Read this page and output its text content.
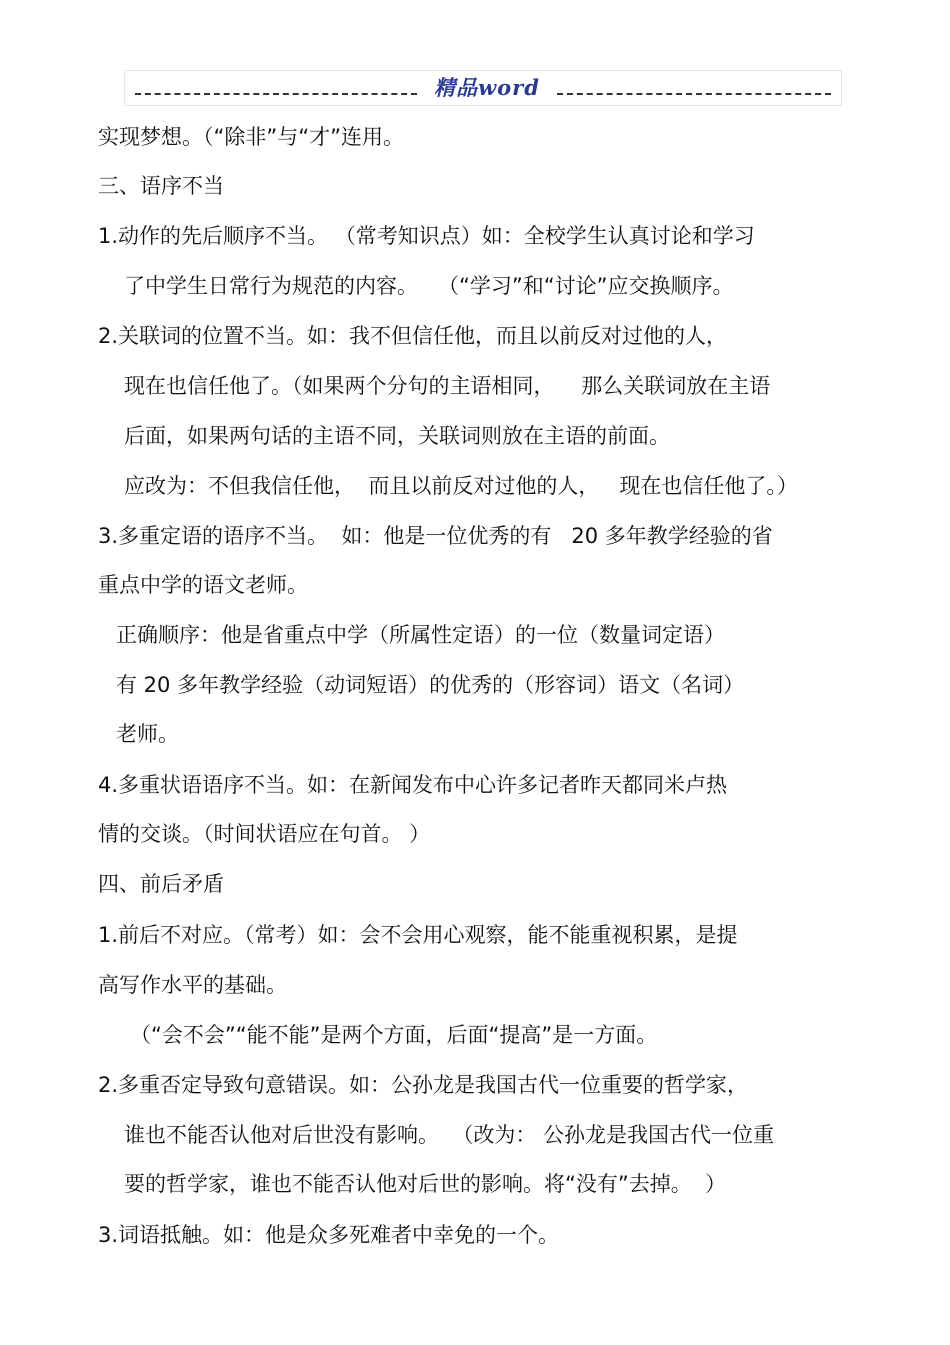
精品word
实现梦想。（“除非”与“才”连用。
三、语序不当
1.动作的先后顺序不当。 （常考知识点）如：全校学生认真讨论和学习
了中学生日常行为规范的内容。   （“学习”和“讨论”应交换顺序。
2.关联词的位置不当。如：我不但信任他，而且以前反对过他的人，
现在也信任他了。（如果两个分句的主语相同，    那么关联词放在主语
后面，如果两句话的主语不同，关联词则放在主语的前面。
应改为：不但我信任他，  而且以前反对过他的人，   现在也信任他了。）
3.多重定语的语序不当。  如：他是一位优秀的有   20 多年教学经验的省
重点中学的语文老师。
正确顺序：他是省重点中学（所属性定语）的一位（数量词定语）
有 20 多年教学经验（动词短语）的优秀的（形容词）语文（名词）
老师。
4.多重状语语序不当。如：在新闻发布中心许多记者昨天都同米卢热
情的交谈。（时间状语应在句首。 ）
四、前后矛盾
1.前后不对应。（常考）如：会不会用心观察，能不能重视积累，是提
高写作水平的基础。
（“会不会”“能不能”是两个方面，后面“提高”是一方面。
2.多重否定导致句意错误。如：公孙龙是我国古代一位重要的哲学家，
谁也不能否认他对后世没有影响。  （改为： 公孙龙是我国古代一位重
要的哲学家，谁也不能否认他对后世的影响。将“没有”去掉。  ）
3.词语抵触。如：他是众多死难者中幸免的一个。
